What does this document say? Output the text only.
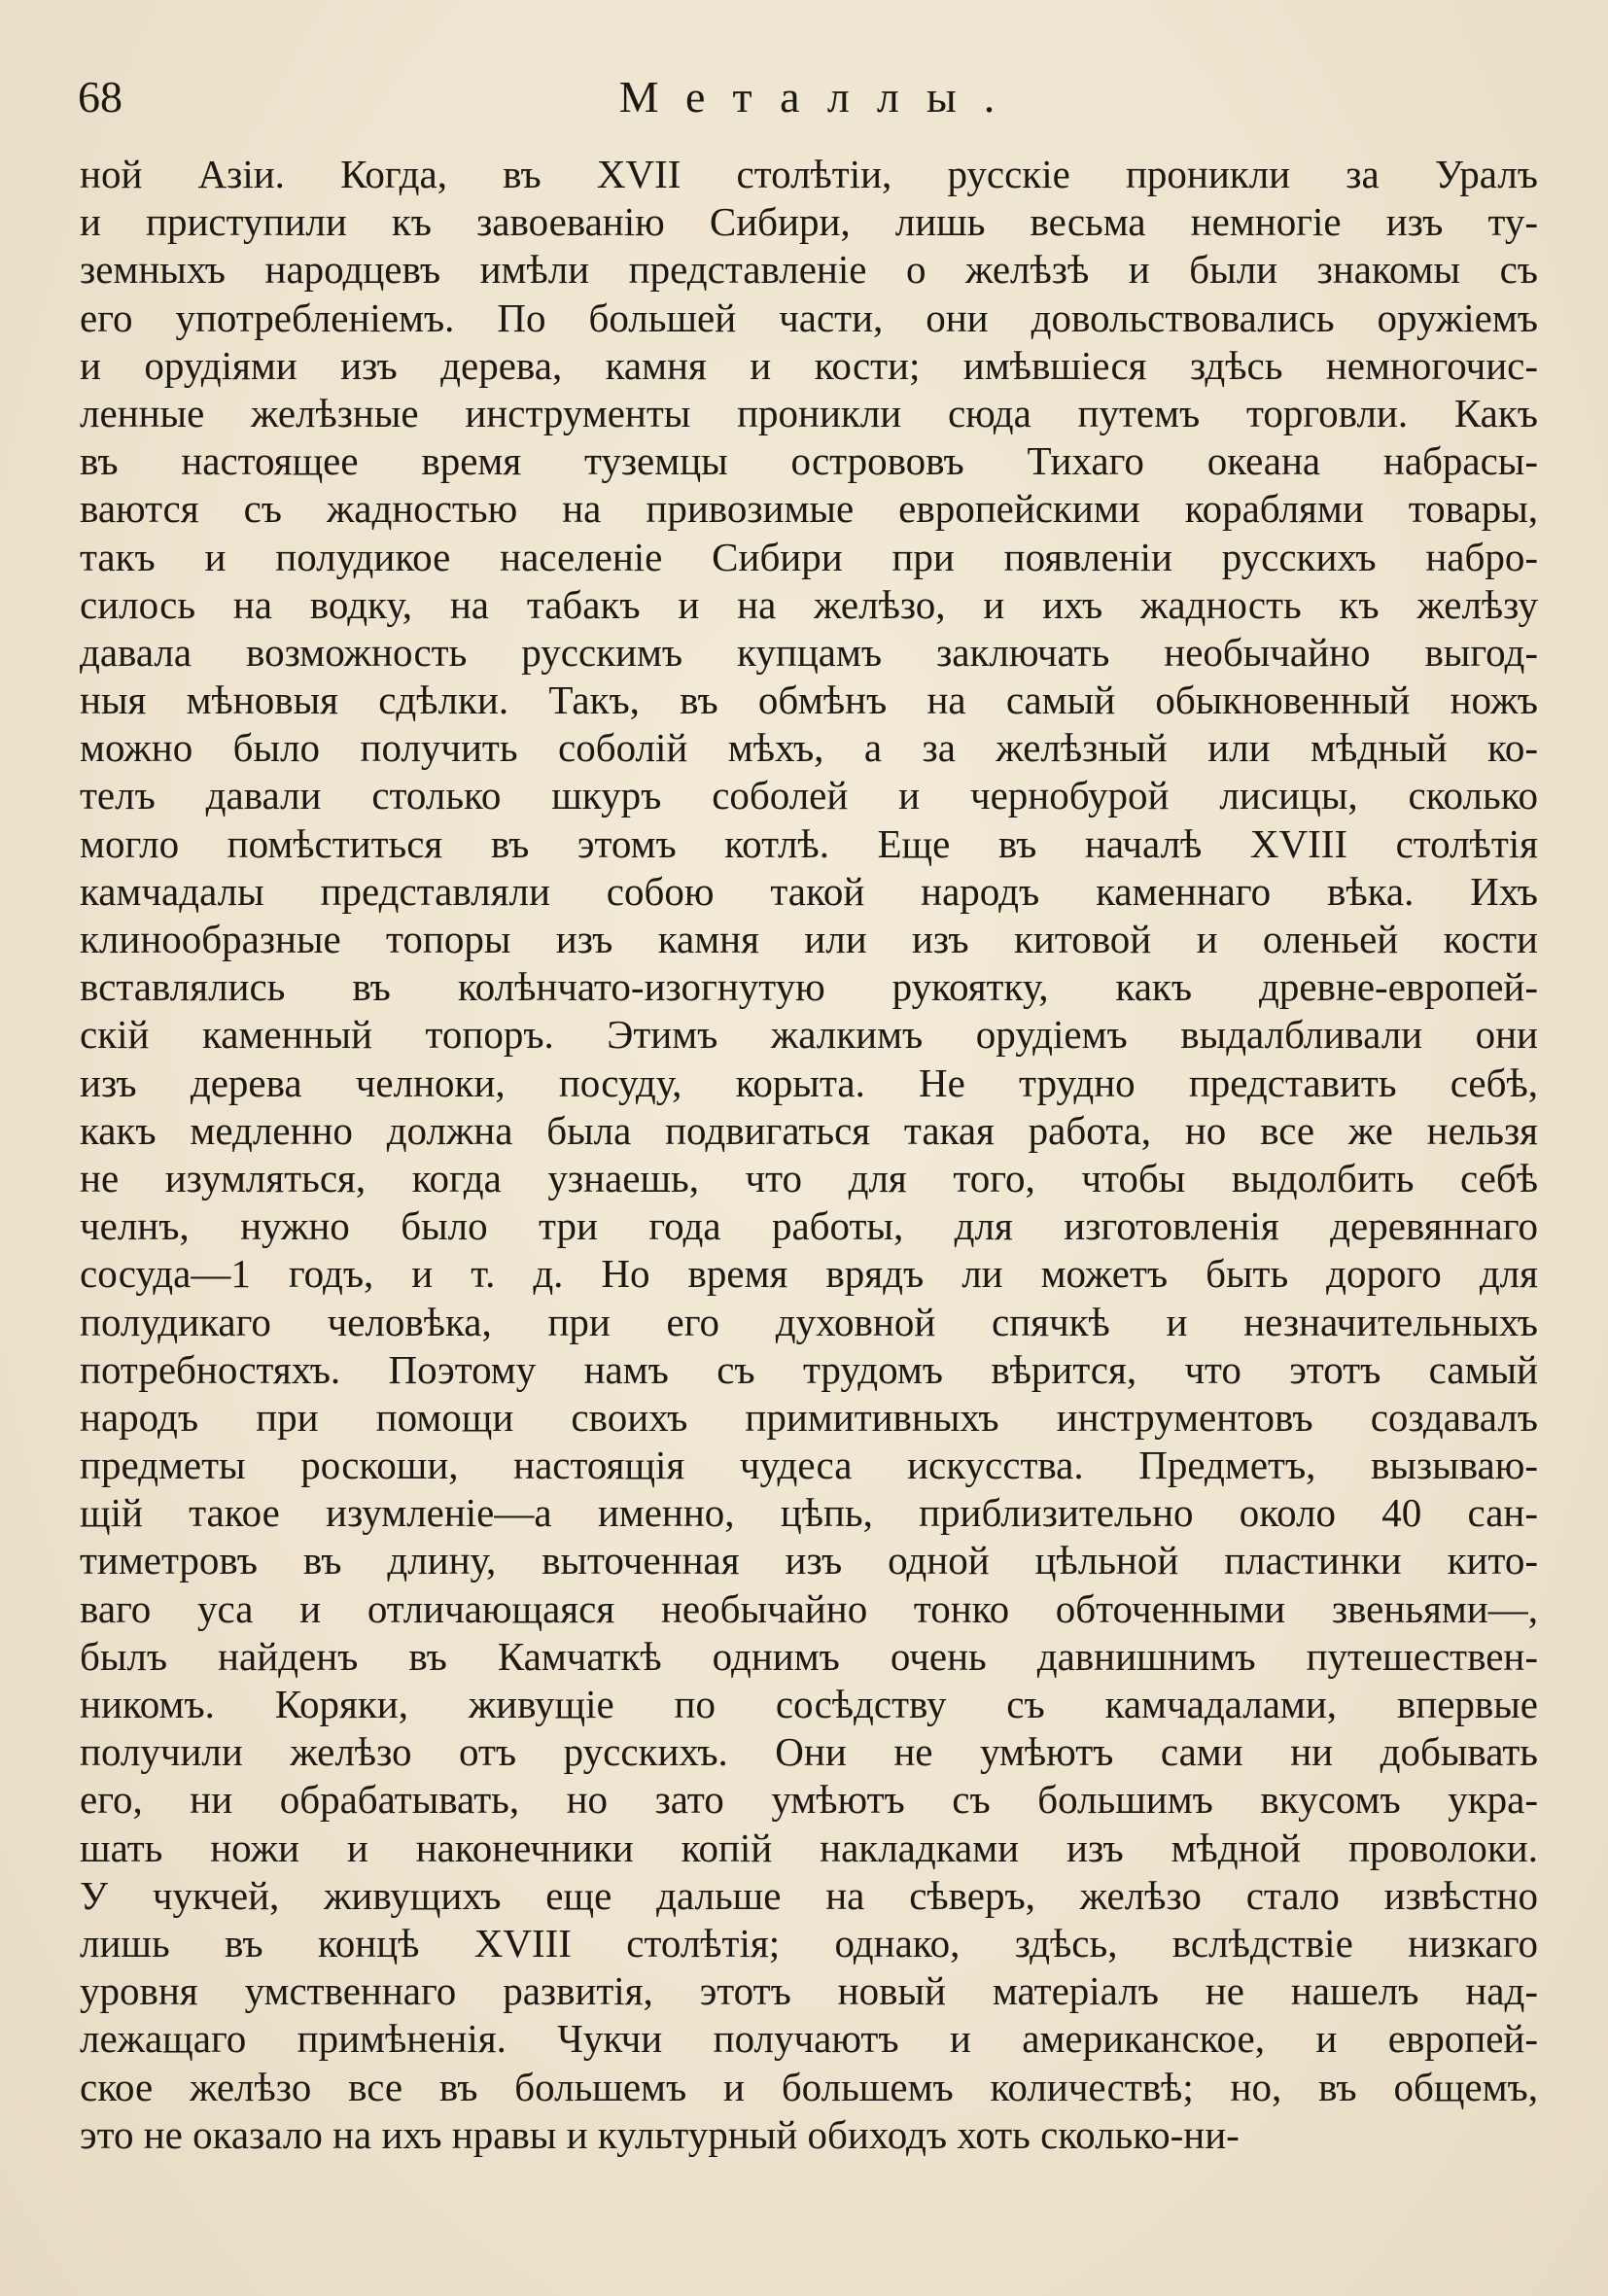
68	Металлы.
ной Азіи. Когда, въ XVII столѣтіи, русскіе проникли за Уралъ
и приступили къ завоеванію Сибири, лишь весьма немногіе изъ ту-
земныхъ народцевъ имѣли представленіе о желѣзѣ и были знакомы съ
его употребленіемъ. По большей части, они довольствовались оружіемъ
и орудіями изъ дерева, камня и кости; имѣвшіеся здѣсь немногочис-
ленные желѣзные инструменты проникли сюда путемъ торговли. Какъ
въ настоящее время туземцы острововъ Тихаго океана набрасы-
ваются съ жадностью на привозимые европейскими кораблями товары,
такъ и полудикое населеніе Сибири при появленіи русскихъ набро-
силось на водку, на табакъ и на желѣзо, и ихъ жадность къ желѣзу
давала возможность русскимъ купцамъ заключать необычайно выгод-
ныя мѣновыя сдѣлки. Такъ, въ обмѣнъ на самый обыкновенный ножъ
можно было получить соболій мѣхъ, а за желѣзный или мѣдный ко-
телъ давали столько шкуръ соболей и чернобурой лисицы, сколько
могло помѣститься въ этомъ котлѣ. Еще въ началѣ XVIII столѣтія
камчадалы представляли собою такой народъ каменнаго вѣка. Ихъ
клинообразные топоры изъ камня или изъ китовой и оленьей кости
вставлялись въ колѣнчато-изогнутую рукоятку, какъ древне-европей-
скій каменный топоръ. Этимъ жалкимъ орудіемъ выдалбливали они
изъ дерева челноки, посуду, корыта. Не трудно представить себѣ,
какъ медленно должна была подвигаться такая работа, но все же нельзя
не изумляться, когда узнаешь, что для того, чтобы выдолбить себѣ
челнъ, нужно было три года работы, для изготовленія деревяннаго
сосуда—1 годъ, и т. д. Но время врядъ ли можетъ быть дорого для
полудикаго человѣка, при его духовной спячкѣ и незначительныхъ
потребностяхъ. Поэтому намъ съ трудомъ вѣрится, что этотъ самый
народъ при помощи своихъ примитивныхъ инструментовъ создавалъ
предметы роскоши, настоящія чудеса искусства. Предметъ, вызываю-
щій такое изумленіе—а именно, цѣпь, приблизительно около 40 сан-
тиметровъ въ длину, выточенная изъ одной цѣльной пластинки кито-
ваго уса и отличающаяся необычайно тонко обточенными звеньями—,
былъ найденъ въ Камчаткѣ однимъ очень давнишнимъ путешествен-
никомъ. Коряки, живущіе по сосѣдству съ камчадалами, впервые
получили желѣзо отъ русскихъ. Они не умѣютъ сами ни добывать
его, ни обрабатывать, но зато умѣютъ съ большимъ вкусомъ укра-
шать ножи и наконечники копій накладками изъ мѣдной проволоки.
У чукчей, живущихъ еще дальше на сѣверъ, желѣзо стало извѣстно
лишь въ концѣ XVIII столѣтія; однако, здѣсь, вслѣдствіе низкаго
уровня умственнаго развитія, этотъ новый матеріалъ не нашелъ над-
лежащаго примѣненія. Чукчи получаютъ и американское, и европей-
ское желѣзо все въ большемъ и большемъ количествѣ; но, въ общемъ,
это не оказало на ихъ нравы и культурный обиходъ хоть сколько-ни-
